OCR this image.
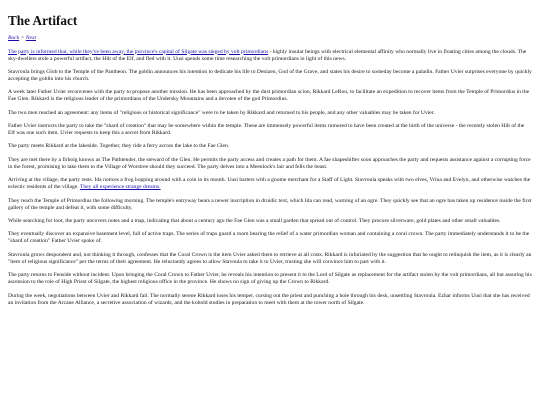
The Artifact
Back > Next

The party is informed that, while they've been away, the province's capital of Silgate was sieged by volt primordians - highly insular beings with electrical elemental affinity who normally live in floating cities among the clouds. The sky-dwellers stole a powerful artifact, the Hilt of the Elf, and fled with it. Uusi spends some time researching the volt primordians in light of this news.

Stavroula brings Glob to the Temple of the Pantheon. The goblin announces his intention to dedicate his life to Denizen, God of the Grave, and states his desire to someday become a paladin. Father Uvier surprises everyone by quickly accepting the goblin into his church.

A week later Father Uvier reconvenes with the party to propose another mission. He has been approached by the dust primordian scion, Rikkard LeRou, to facilitate an expedition to recover items from the Temple of Primordius in the Fae Glen. Rikkard is the religious leader of the primordians of the Undersky Mountains and a devotee of the god Primordius.

The two men reached an agreement: any items of "religious or historical significance" were to be taken by Rikkard and returned to his people, and any other valuables may be taken for Uvier.

Father Uvier instructs the party to take the "shard of creation" that may be somewhere within the temple. These are immensely powerful items rumored to have been created at the birth of the universe - the recently stolen Hilt of the Elf was one such item. Uvier requests to keep this a secret from Rikkard.

The party meets Rikkard at the lakeside. Together, they ride a ferry across the lake to the Fae Glen.

They are met there by a firbolg known as The Pathtender, the steward of the Glen. He permits the party access and creates a path for them. A fae shapeshifter soon approaches the party and requests assistance against a corrupting force in the forest, promising to take them to the Village of Worstree should they succeed. The party delves into a Meenlock's lair and fells the beast.

Arriving at the village, the party rests. Ida notices a frog hopping around with a coin in its mouth. Uusi barters with a gnome merchant for a Staff of Light. Stavroula speaks with two elves, Vrina and Evelyn, and otherwise watches the eclectic residents of the village. They all experience strange dreams.

They reach the Temple of Primordius the following morning. The temple's entryway bears a newer inscription in druidic text, which Ida can read, warning of an ogre. They quickly see that an ogre has taken up residence inside the first gallery of the temple and defeat it, with some difficulty.

While searching for loot, the party uncovers notes and a map, indicating that about a century ago the Fae Glen was a small garden that spread out of control. They procure silverware, gold plates and other small valuables.

They eventually discover an expansive basement level, full of active traps. The series of traps guard a room bearing the relief of a water primordian woman and containing a coral crown. The party immediately understands it to be the "shard of creation" Father Uvier spoke of.

Stavroula grows despondent and, not thinking it through, confesses that the Coral Crown is the item Uvier asked them to retrieve at all costs. Rikkard is infuriated by the suggestion that he ought to relinquish the item, as it is clearly an "item of religious significance" per the terms of their agreement. He reluctantly agrees to allow Stavoula to take it to Uvier, trusting she will convince him to part with it.

The party returns to Fenside without incident. Upon bringing the Coral Crown to Father Uvier, he reveals his intention to present it to the Lord of Silgate as replacement for the artifact stolen by the volt primordians, all but assuring his ascension to the role of High Priest of Silgate, the highest religious office in the province. He shows no sign of giving up the Crown to Rikkard.

During the week, negotiations between Uvier and Rikkard fail. The normally serene Rikkard loses his temper, cursing out the priest and punching a hole through his desk, unsettling Stavroula. Ezhar informs Uusi that she has received an invitation from the Arcane Alliance, a secretive association of wizards, and the kobold studies in preparation to meet with them at the tower north of Silgate.
